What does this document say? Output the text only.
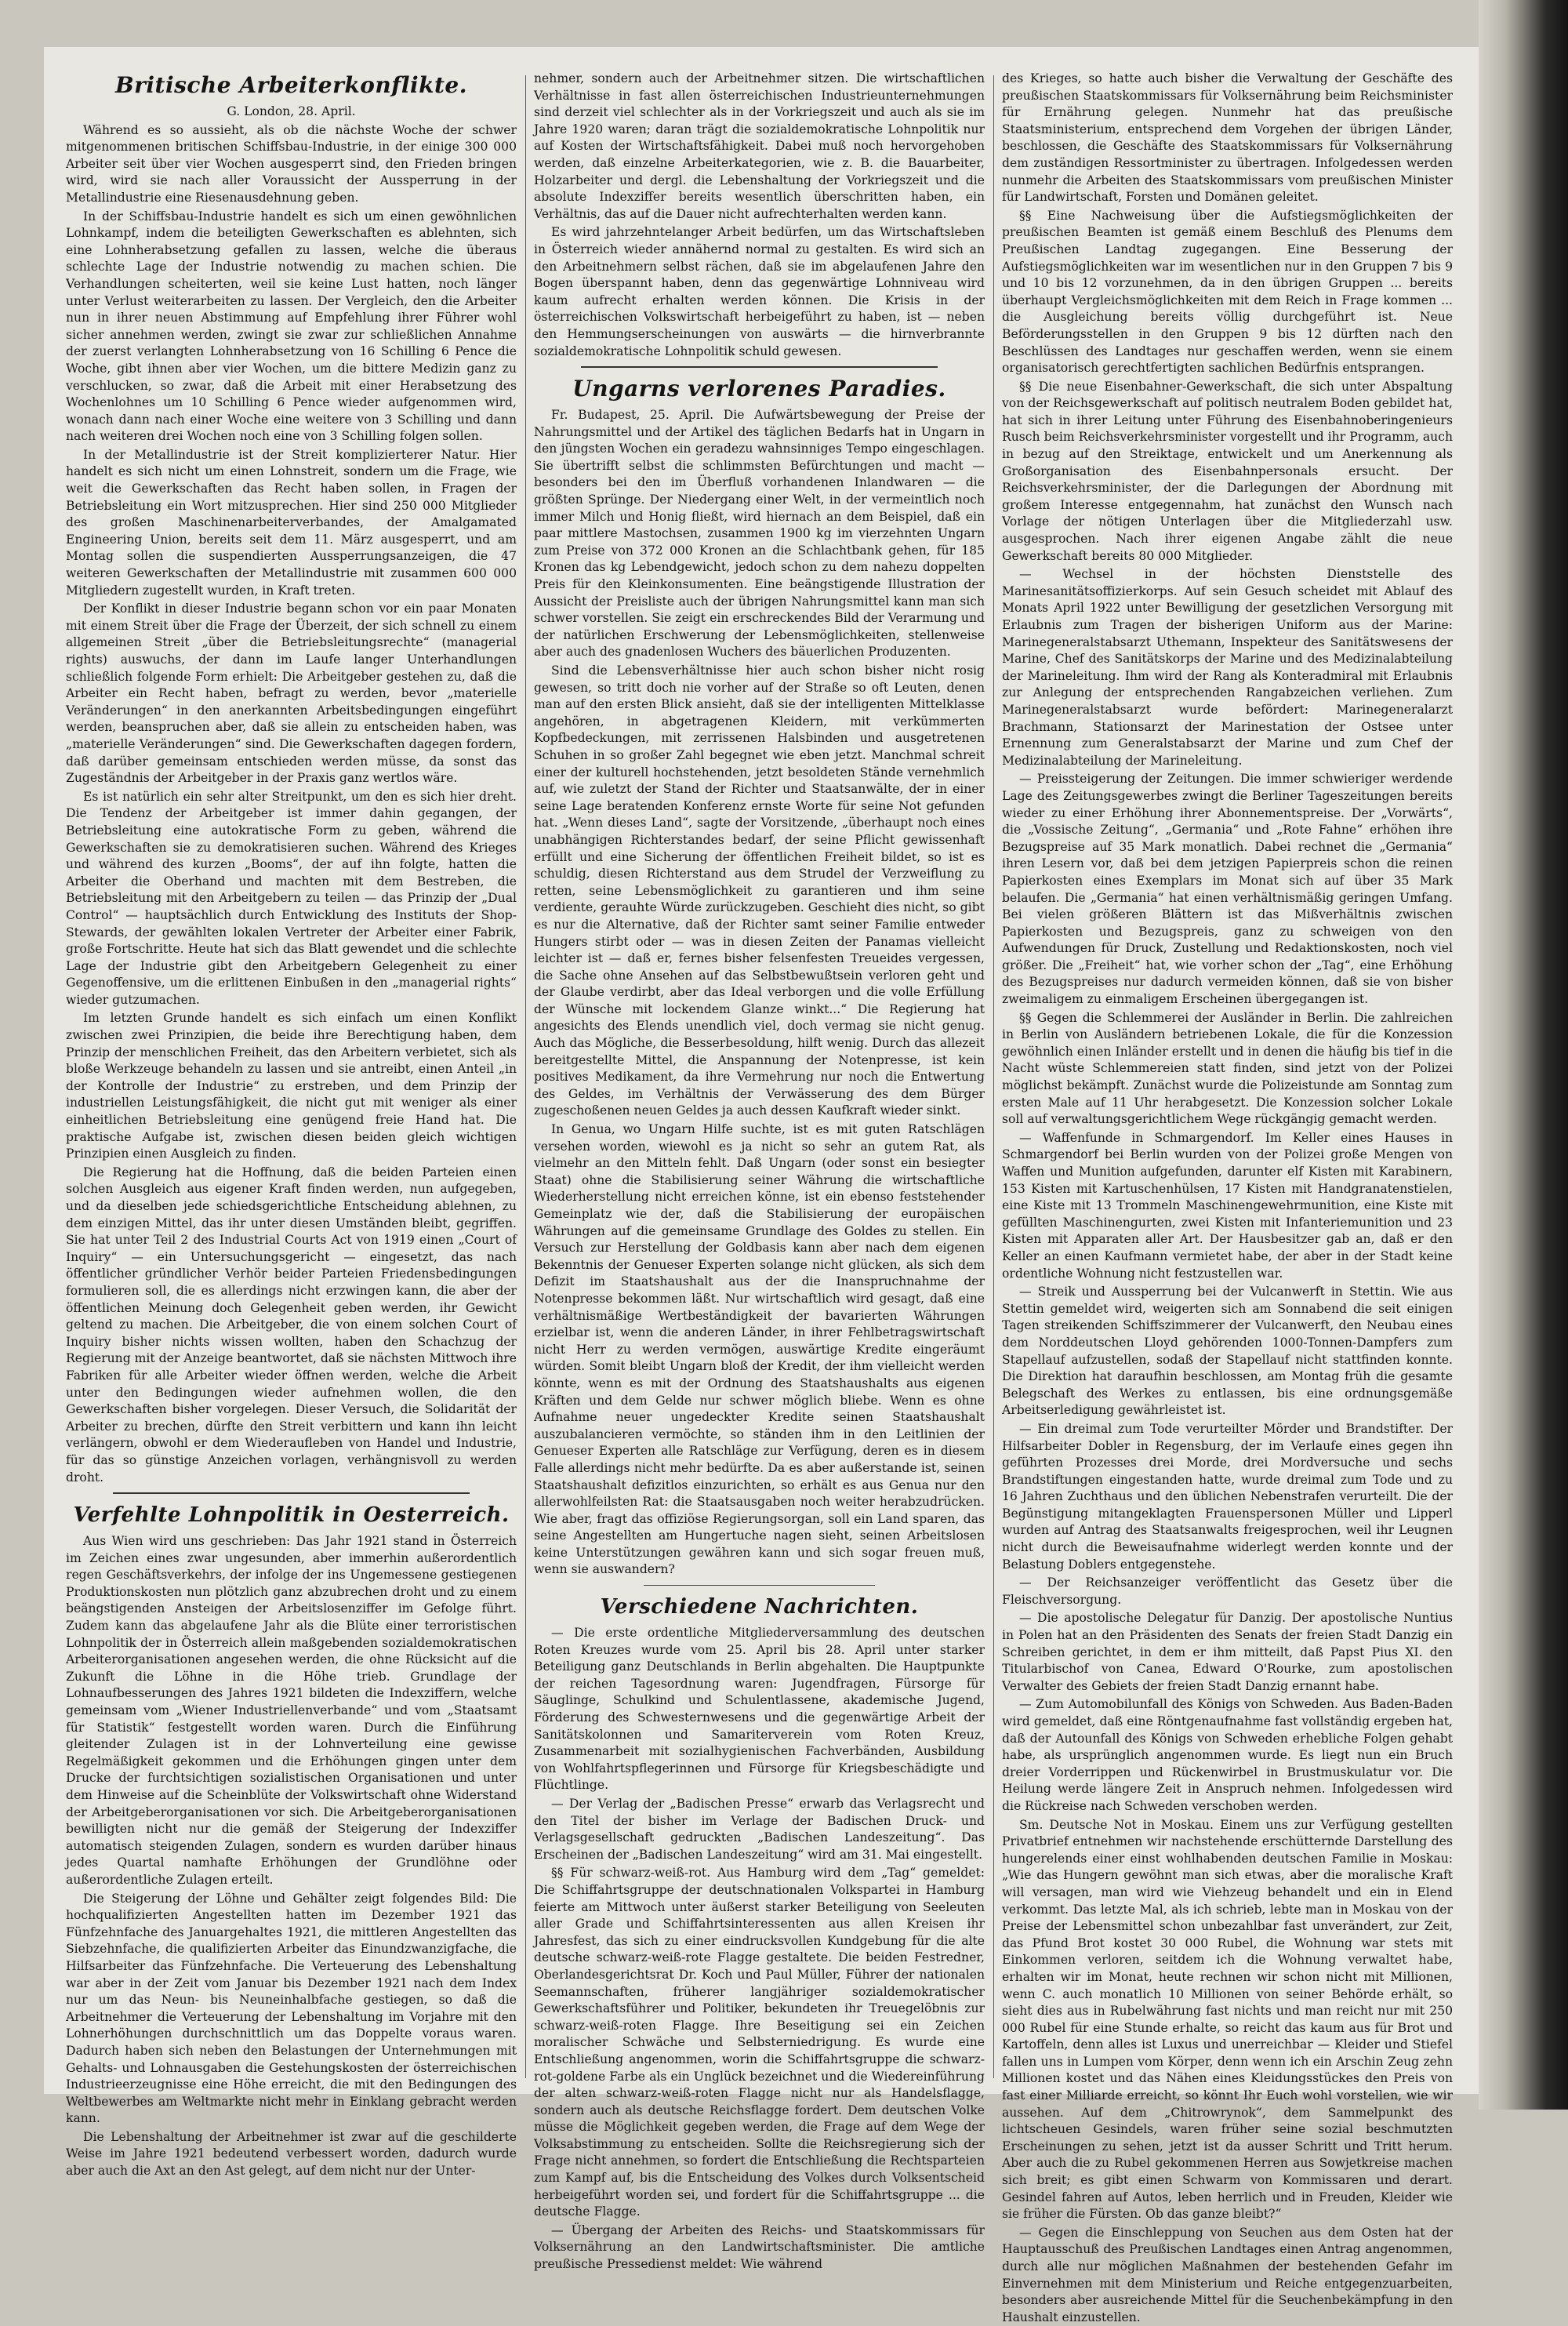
Britische Arbeiterkonflikte.
G. London, 28. April.

Während es so aussieht, als ob die nächste Woche der schwer mitgenommenen britischen Schiffsbau-Industrie, in der einige 300 000 Arbeiter seit über vier Wochen ausgesperrt sind, den Frieden bringen wird, wird sie nach aller Voraussicht der Aussperrung in der Metallindustrie eine Riesenausdehnung geben.

In der Schiffsbau-Industrie handelt es sich um einen gewöhnlichen Lohnkampf, indem die beteiligten Gewerkschaften es ablehnten, sich eine Lohnherabsetzung gefallen zu lassen, welche die überaus schlechte Lage der Industrie notwendig zu machen schien. Die Verhandlungen scheiterten, weil sie keine Lust hatten, noch länger unter Verlust weiterarbeiten zu lassen. Der Vergleich, den die Arbeiter nun in ihrer neuen Abstimmung auf Empfehlung ihrer Führer wohl sicher annehmen werden, zwingt sie zwar zur schließlichen Annahme der zuerst verlangten Lohnherabsetzung von 16 Schilling 6 Pence die Woche, gibt ihnen aber vier Wochen, um die bittere Medizin ganz zu verschlucken, so zwar, daß die Arbeit mit einer Herabsetzung des Wochenlohnes um 10 Schilling 6 Pence wieder aufgenommen wird, wonach dann nach einer Woche eine weitere von 3 Schilling und dann nach weiteren drei Wochen noch eine von 3 Schilling folgen sollen.

In der Metallindustrie ist der Streit komplizierterer Natur. Hier handelt es sich nicht um einen Lohnstreit, sondern um die Frage, wie weit die Gewerkschaften das Recht haben sollen, in Fragen der Betriebsleitung ein Wort mitzusprechen. Hier sind 250 000 Mitglieder des großen Maschinenarbeiterverbandes, der Amalgamated Engineering Union, bereits seit dem 11. März ausgesperrt, und am Montag sollen die suspendierten Aussperrungsanzeigen, die 47 weiteren Gewerkschaften der Metallindustrie mit zusammen 600 000 Mitgliedern zugestellt wurden, in Kraft treten.

Der Konflikt in dieser Industrie begann schon vor ein paar Monaten mit einem Streit über die Frage der Überzeit, der sich schnell zu einem allgemeinen Streit „über die Betriebsleitungsrechte“ (managerial rights) auswuchs, der dann im Laufe langer Unterhandlungen schließlich folgende Form erhielt: Die Arbeitgeber gestehen zu, daß die Arbeiter ein Recht haben, befragt zu werden, bevor „materielle Veränderungen“ in den anerkannten Arbeitsbedingungen eingeführt werden, beanspruchen aber, daß sie allein zu entscheiden haben, was „materielle Veränderungen“ sind. Die Gewerkschaften dagegen fordern, daß darüber gemeinsam entschieden werden müsse, da sonst das Zugeständnis der Arbeitgeber in der Praxis ganz wertlos wäre.

Es ist natürlich ein sehr alter Streitpunkt, um den es sich hier dreht. Die Tendenz der Arbeitgeber ist immer dahin gegangen, der Betriebsleitung eine autokratische Form zu geben, während die Gewerkschaften sie zu demokratisieren suchen. Während des Krieges und während des kurzen „Booms“, der auf ihn folgte, hatten die Arbeiter die Oberhand und machten mit dem Bestreben, die Betriebsleitung mit den Arbeitgebern zu teilen — das Prinzip der „Dual Control“ — hauptsächlich durch Entwicklung des Instituts der Shop-Stewards, der gewählten lokalen Vertreter der Arbeiter einer Fabrik, große Fortschritte. Heute hat sich das Blatt gewendet und die schlechte Lage der Industrie gibt den Arbeitgebern Gelegenheit zu einer Gegenoffensive, um die erlittenen Einbußen in den „managerial rights“ wieder gutzumachen.

Im letzten Grunde handelt es sich einfach um einen Konflikt zwischen zwei Prinzipien, die beide ihre Berechtigung haben, dem Prinzip der menschlichen Freiheit, das den Arbeitern verbietet, sich als bloße Werkzeuge behandeln zu lassen und sie antreibt, einen Anteil „in der Kontrolle der Industrie“ zu erstreben, und dem Prinzip der industriellen Leistungsfähigkeit, die nicht gut mit weniger als einer einheitlichen Betriebsleitung eine genügend freie Hand hat. Die praktische Aufgabe ist, zwischen diesen beiden gleich wichtigen Prinzipien einen Ausgleich zu finden.

Die Regierung hat die Hoffnung, daß die beiden Parteien einen solchen Ausgleich aus eigener Kraft finden werden, nun aufgegeben, und da dieselben jede schiedsgerichtliche Entscheidung ablehnen, zu dem einzigen Mittel, das ihr unter diesen Umständen bleibt, gegriffen. Sie hat unter Teil 2 des Industrial Courts Act von 1919 einen „Court of Inquiry“ — ein Untersuchungsgericht — eingesetzt, das nach öffentlicher gründlicher Verhör beider Parteien Friedensbedingungen formulieren soll, die es allerdings nicht erzwingen kann, die aber der öffentlichen Meinung doch Gelegenheit geben werden, ihr Gewicht geltend zu machen. Die Arbeitgeber, die von einem solchen Court of Inquiry bisher nichts wissen wollten, haben den Schachzug der Regierung mit der Anzeige beantwortet, daß sie nächsten Mittwoch ihre Fabriken für alle Arbeiter wieder öffnen werden, welche die Arbeit unter den Bedingungen wieder aufnehmen wollen, die den Gewerkschaften bisher vorgelegen. Dieser Versuch, die Solidarität der Arbeiter zu brechen, dürfte den Streit verbittern und kann ihn leicht verlängern, obwohl er dem Wiederaufleben von Handel und Industrie, für das so günstige Anzeichen vorlagen, verhängnisvoll zu werden droht.

Verfehlte Lohnpolitik in Oesterreich.

Aus Wien wird uns geschrieben: Das Jahr 1921 stand in Österreich im Zeichen eines zwar ungesunden, aber immerhin außerordentlich regen Geschäftsverkehrs, der infolge der ins Ungemessene gestiegenen Produktionskosten nun plötzlich ganz abzubrechen droht und zu einem beängstigenden Ansteigen der Arbeitslosenziffer im Gefolge führt. Zudem kann das abgelaufene Jahr als die Blüte einer terroristischen Lohnpolitik der in Österreich allein maßgebenden sozialdemokratischen Arbeiterorganisationen angesehen werden, die ohne Rücksicht auf die Zukunft die Löhne in die Höhe trieb. Grundlage der Lohnaufbesserungen des Jahres 1921 bildeten die Indexziffern, welche gemeinsam vom „Wiener Industriellenverbande“ und vom „Staatsamt für Statistik“ festgestellt worden waren. Durch die Einführung gleitender Zulagen ist in der Lohnverteilung eine gewisse Regelmäßigkeit gekommen und die Erhöhungen gingen unter dem Drucke der furchtsichtigen sozialistischen Organisationen und unter dem Hinweise auf die Scheinblüte der Volkswirtschaft ohne Widerstand der Arbeitgeberorganisationen vor sich. Die Arbeitgeberorganisationen bewilligten nicht nur die gemäß der Steigerung der Indexziffer automatisch steigenden Zulagen, sondern es wurden darüber hinaus jedes Quartal namhafte Erhöhungen der Grundlöhne oder außerordentliche Zulagen erteilt.

Die Steigerung der Löhne und Gehälter zeigt folgendes Bild: Die hochqualifizierten Angestellten hatten im Dezember 1921 das Fünfzehnfache des Januargehaltes 1921, die mittleren Angestellten das Siebzehnfache, die qualifizierten Arbeiter das Einundzwanzigfache, die Hilfsarbeiter das Fünfzehnfache. Die Verteuerung des Lebenshaltung war aber in der Zeit vom Januar bis Dezember 1921 nach dem Index nur um das Neun- bis Neuneinhalbfache gestiegen, so daß die Arbeitnehmer die Verteuerung der Lebenshaltung im Vorjahre mit den Lohnerhöhungen durchschnittlich um das Doppelte voraus waren. Dadurch haben sich neben den Belastungen der Unternehmungen mit Gehalts- und Lohnausgaben die Gestehungskosten der österreichischen Industrieerzeugnisse eine Höhe erreicht, die mit den Bedingungen des Weltbewerbes am Weltmarkte nicht mehr in Einklang gebracht werden kann.

Die Lebenshaltung der Arbeitnehmer ist zwar auf die geschilderte Weise im Jahre 1921 bedeutend verbessert worden, dadurch wurde aber auch die Axt an den Ast gelegt, auf dem nicht nur der Unter-

nehmer, sondern auch der Arbeitnehmer sitzen. Die wirtschaftlichen Verhältnisse in fast allen österreichischen Industrieunternehmungen sind derzeit viel schlechter als in der Vorkriegszeit und auch als sie im Jahre 1920 waren; daran trägt die sozialdemokratische Lohnpolitik nur auf Kosten der Wirtschaftsfähigkeit. Dabei muß noch hervorgehoben werden, daß einzelne Arbeiterkategorien, wie z. B. die Bauarbeiter, Holzarbeiter und dergl. die Lebenshaltung der Vorkriegszeit und die absolute Indexziffer bereits wesentlich überschritten haben, ein Verhältnis, das auf die Dauer nicht aufrechterhalten werden kann.

Es wird jahrzehntelanger Arbeit bedürfen, um das Wirtschaftsleben in Österreich wieder annähernd normal zu gestalten. Es wird sich an den Arbeitnehmern selbst rächen, daß sie im abgelaufenen Jahre den Bogen überspannt haben, denn das gegenwärtige Lohnniveau wird kaum aufrecht erhalten werden können. Die Krisis in der österreichischen Volkswirtschaft herbeigeführt zu haben, ist — neben den Hemmungserscheinungen von auswärts — die hirnverbrannte sozialdemokratische Lohnpolitik schuld gewesen.

Ungarns verlorenes Paradies.

Fr. Budapest, 25. April. Die Aufwärtsbewegung der Preise der Nahrungsmittel und der Artikel des täglichen Bedarfs hat in Ungarn in den jüngsten Wochen ein geradezu wahnsinniges Tempo eingeschlagen. Sie übertrifft selbst die schlimmsten Befürchtungen und macht — besonders bei den im Überfluß vorhandenen Inlandwaren — die größten Sprünge. Der Niedergang einer Welt, in der vermeintlich noch immer Milch und Honig fließt, wird hiernach an dem Beispiel, daß ein paar mittlere Mastochsen, zusammen 1900 kg im vierzehnten Ungarn zum Preise von 372 000 Kronen an die Schlachtbank gehen, für 185 Kronen das kg Lebendgewicht, jedoch schon zu dem nahezu doppelten Preis für den Kleinkonsumenten. Eine beängstigende Illustration der Aussicht der Preisliste auch der übrigen Nahrungsmittel kann man sich schwer vorstellen. Sie zeigt ein erschreckendes Bild der Verarmung und der natürlichen Erschwerung der Lebensmöglichkeiten, stellenweise aber auch des gnadenlosen Wuchers des bäuerlichen Produzenten.

Sind die Lebensverhältnisse hier auch schon bisher nicht rosig gewesen, so tritt doch nie vorher auf der Straße so oft Leuten, denen man auf den ersten Blick ansieht, daß sie der intelligenten Mittelklasse angehören, in abgetragenen Kleidern, mit verkümmerten Kopfbedeckungen, mit zerrissenen Halsbinden und ausgetretenen Schuhen in so großer Zahl begegnet wie eben jetzt. Manchmal schreit einer der kulturell hochstehenden, jetzt besoldeten Stände vernehmlich auf, wie zuletzt der Stand der Richter und Staatsanwälte, der in einer seine Lage beratenden Konferenz ernste Worte für seine Not gefunden hat. „Wenn dieses Land“, sagte der Vorsitzende, „überhaupt noch eines unabhängigen Richterstandes bedarf, der seine Pflicht gewissenhaft erfüllt und eine Sicherung der öffentlichen Freiheit bildet, so ist es schuldig, diesen Richterstand aus dem Strudel der Verzweiflung zu retten, seine Lebensmöglichkeit zu garantieren und ihm seine verdiente, gerauhte Würde zurückzugeben. Geschieht dies nicht, so gibt es nur die Alternative, daß der Richter samt seiner Familie entweder Hungers stirbt oder — was in diesen Zeiten der Panamas vielleicht leichter ist — daß er, fernes bisher felsenfesten Treueides vergessen, die Sache ohne Ansehen auf das Selbstbewußtsein verloren geht und der Glaube verdirbt, aber das Ideal verborgen und die volle Erfüllung der Wünsche mit lockendem Glanze winkt...“ Die Regierung hat angesichts des Elends unendlich viel, doch vermag sie nicht genug. Auch das Mögliche, die Besserbesoldung, hilft wenig. Durch das allezeit bereitgestellte Mittel, die Anspannung der Notenpresse, ist kein positives Medikament, da ihre Vermehrung nur noch die Entwertung des Geldes, im Verhältnis der Verwässerung des dem Bürger zugeschoßenen neuen Geldes ja auch dessen Kaufkraft wieder sinkt.

In Genua, wo Ungarn Hilfe suchte, ist es mit guten Ratschlägen versehen worden, wiewohl es ja nicht so sehr an gutem Rat, als vielmehr an den Mitteln fehlt. Daß Ungarn (oder sonst ein besiegter Staat) ohne die Stabilisierung seiner Währung die wirtschaftliche Wiederherstellung nicht erreichen könne, ist ein ebenso feststehender Gemeinplatz wie der, daß die Stabilisierung der europäischen Währungen auf die gemeinsame Grundlage des Goldes zu stellen. Ein Versuch zur Herstellung der Goldbasis kann aber nach dem eigenen Bekenntnis der Genueser Experten solange nicht glücken, als sich dem Defizit im Staatshaushalt aus der die Inanspruchnahme der Notenpresse bekommen läßt. Nur wirtschaftlich wird gesagt, daß eine verhältnismäßige Wertbeständigkeit der bavarierten Währungen erzielbar ist, wenn die anderen Länder, in ihrer Fehlbetragswirtschaft nicht Herr zu werden vermögen, auswärtige Kredite eingeräumt würden. Somit bleibt Ungarn bloß der Kredit, der ihm vielleicht werden könnte, wenn es mit der Ordnung des Staatshaushalts aus eigenen Kräften und dem Gelde nur schwer möglich bliebe. Wenn es ohne Aufnahme neuer ungedeckter Kredite seinen Staatshaushalt auszubalancieren vermöchte, so ständen ihm in den Leitlinien der Genueser Experten alle Ratschläge zur Verfügung, deren es in diesem Falle allerdings nicht mehr bedürfte. Da es aber außerstande ist, seinen Staatshaushalt defizitlos einzurichten, so erhält es aus Genua nur den allerwohlfeilsten Rat: die Staatsausgaben noch weiter herabzudrücken. Wie aber, fragt das offiziöse Regierungsorgan, soll ein Land sparen, das seine Angestellten am Hungertuche nagen sieht, seinen Arbeitslosen keine Unterstützungen gewähren kann und sich sogar freuen muß, wenn sie auswandern?

Verschiedene Nachrichten.

— Die erste ordentliche Mitgliederversammlung des deutschen Roten Kreuzes wurde vom 25. April bis 28. April unter starker Beteiligung ganz Deutschlands in Berlin abgehalten. Die Hauptpunkte der reichen Tagesordnung waren: Jugendfragen, Fürsorge für Säuglinge, Schulkind und Schulentlassene, akademische Jugend, Förderung des Schwesternwesens und die gegenwärtige Arbeit der Sanitätskolonnen und Samariterverein vom Roten Kreuz, Zusammenarbeit mit sozialhygienischen Fachverbänden, Ausbildung von Wohlfahrtspflegerinnen und Fürsorge für Kriegsbeschädigte und Flüchtlinge.

— Der Verlag der „Badischen Presse“ erwarb das Verlagsrecht und den Titel der bisher im Verlage der Badischen Druck- und Verlagsgesellschaft gedruckten „Badischen Landeszeitung“. Das Erscheinen der „Badischen Landeszeitung“ wird am 31. Mai eingestellt.

§§ Für schwarz-weiß-rot. Aus Hamburg wird dem „Tag“ gemeldet: Die Schiffahrtsgruppe der deutschnationalen Volkspartei in Hamburg feierte am Mittwoch unter äußerst starker Beteiligung von Seeleuten aller Grade und Schiffahrtsinteressenten aus allen Kreisen ihr Jahresfest, das sich zu einer eindrucksvollen Kundgebung für die alte deutsche schwarz-weiß-rote Flagge gestaltete. Die beiden Festredner, Oberlandesgerichtsrat Dr. Koch und Paul Müller, Führer der nationalen Seemannschaften, früherer langjähriger sozialdemokratischer Gewerkschaftsführer und Politiker, bekundeten ihr Treuegelöbnis zur schwarz-weiß-roten Flagge. Ihre Beseitigung sei ein Zeichen moralischer Schwäche und Selbsterniedrigung. Es wurde eine Entschließung angenommen, worin die Schiffahrtsgruppe die schwarz-rot-goldene Farbe als ein Unglück bezeichnet und die Wiedereinführung der alten schwarz-weiß-roten Flagge nicht nur als Handelsflagge, sondern auch als deutsche Reichsflagge fordert. Dem deutschen Volke müsse die Möglichkeit gegeben werden, die Frage auf dem Wege der Volksabstimmung zu entscheiden. Sollte die Reichsregierung sich der Frage nicht annehmen, so fordert die Entschließung die Rechtsparteien zum Kampf auf, bis die Entscheidung des Volkes durch Volksentscheid herbeigeführt worden sei, und fordert für die Schiffahrtsgruppe ... die deutsche Flagge.

— Übergang der Arbeiten des Reichs- und Staatskommissars für Volksernährung an den Landwirtschaftsminister. Die amtliche preußische Pressedienst meldet: Wie während

des Krieges, so hatte auch bisher die Verwaltung der Geschäfte des preußischen Staatskommissars für Volksernährung beim Reichsminister für Ernährung gelegen. Nunmehr hat das preußische Staatsministerium, entsprechend dem Vorgehen der übrigen Länder, beschlossen, die Geschäfte des Staatskommissars für Volksernährung dem zuständigen Ressortminister zu übertragen. Infolgedessen werden nunmehr die Arbeiten des Staatskommissars vom preußischen Minister für Landwirtschaft, Forsten und Domänen geleitet.

§§ Eine Nachweisung über die Aufstiegsmöglichkeiten der preußischen Beamten ist gemäß einem Beschluß des Plenums dem Preußischen Landtag zugegangen. Eine Besserung der Aufstiegsmöglichkeiten war im wesentlichen nur in den Gruppen 7 bis 9 und 10 bis 12 vorzunehmen, da in den übrigen Gruppen ... bereits überhaupt Vergleichsmöglichkeiten mit dem Reich in Frage kommen ... die Ausgleichung bereits völlig durchgeführt ist. Neue Beförderungsstellen in den Gruppen 9 bis 12 dürften nach den Beschlüssen des Landtages nur geschaffen werden, wenn sie einem organisatorisch gerechtfertigten sachlichen Bedürfnis entsprangen.

§§ Die neue Eisenbahner-Gewerkschaft, die sich unter Abspaltung von der Reichsgewerkschaft auf politisch neutralem Boden gebildet hat, hat sich in ihrer Leitung unter Führung des Eisenbahnoberingenieurs Rusch beim Reichsverkehrsminister vorgestellt und ihr Programm, auch in bezug auf den Streiktage, entwickelt und um Anerkennung als Großorganisation des Eisenbahnpersonals ersucht. Der Reichsverkehrsminister, der die Darlegungen der Abordnung mit großem Interesse entgegennahm, hat zunächst den Wunsch nach Vorlage der nötigen Unterlagen über die Mitgliederzahl usw. ausgesprochen. Nach ihrer eigenen Angabe zählt die neue Gewerkschaft bereits 80 000 Mitglieder.

— Wechsel in der höchsten Dienststelle des Marinesanitätsoffizierkorps. Auf sein Gesuch scheidet mit Ablauf des Monats April 1922 unter Bewilligung der gesetzlichen Versorgung mit Erlaubnis zum Tragen der bisherigen Uniform aus der Marine: Marinegeneralstabsarzt Uthemann, Inspekteur des Sanitätswesens der Marine, Chef des Sanitätskorps der Marine und des Medizinalabteilung der Marineleitung. Ihm wird der Rang als Konteradmiral mit Erlaubnis zur Anlegung der entsprechenden Rangabzeichen verliehen. Zum Marinegeneralstabsarzt wurde befördert: Marinegeneralarzt Brachmann, Stationsarzt der Marinestation der Ostsee unter Ernennung zum Generalstabsarzt der Marine und zum Chef der Medizinalabteilung der Marineleitung.

— Preissteigerung der Zeitungen. Die immer schwieriger werdende Lage des Zeitungsgewerbes zwingt die Berliner Tageszeitungen bereits wieder zu einer Erhöhung ihrer Abonnementspreise. Der „Vorwärts“, die „Vossische Zeitung“, „Germania“ und „Rote Fahne“ erhöhen ihre Bezugspreise auf 35 Mark monatlich. Dabei rechnet die „Germania“ ihren Lesern vor, daß bei dem jetzigen Papierpreis schon die reinen Papierkosten eines Exemplars im Monat sich auf über 35 Mark belaufen. Die „Germania“ hat einen verhältnismäßig geringen Umfang. Bei vielen größeren Blättern ist das Mißverhältnis zwischen Papierkosten und Bezugspreis, ganz zu schweigen von den Aufwendungen für Druck, Zustellung und Redaktionskosten, noch viel größer. Die „Freiheit“ hat, wie vorher schon der „Tag“, eine Erhöhung des Bezugspreises nur dadurch vermeiden können, daß sie von bisher zweimaligem zu einmaligem Erscheinen übergegangen ist.

§§ Gegen die Schlemmerei der Ausländer in Berlin. Die zahlreichen in Berlin von Ausländern betriebenen Lokale, die für die Konzession gewöhnlich einen Inländer erstellt und in denen die häufig bis tief in die Nacht wüste Schlemmereien statt finden, sind jetzt von der Polizei möglichst bekämpft. Zunächst wurde die Polizeistunde am Sonntag zum ersten Male auf 11 Uhr herabgesetzt. Die Konzession solcher Lokale soll auf verwaltungsgerichtlichem Wege rückgängig gemacht werden.

— Waffenfunde in Schmargendorf. Im Keller eines Hauses in Schmargendorf bei Berlin wurden von der Polizei große Mengen von Waffen und Munition aufgefunden, darunter elf Kisten mit Karabinern, 153 Kisten mit Kartuschenhülsen, 17 Kisten mit Handgranatenstielen, eine Kiste mit 13 Trommeln Maschinengewehrmunition, eine Kiste mit gefüllten Maschinengurten, zwei Kisten mit Infanteriemunition und 23 Kisten mit Apparaten aller Art. Der Hausbesitzer gab an, daß er den Keller an einen Kaufmann vermietet habe, der aber in der Stadt keine ordentliche Wohnung nicht festzustellen war.

— Streik und Aussperrung bei der Vulcanwerft in Stettin. Wie aus Stettin gemeldet wird, weigerten sich am Sonnabend die seit einigen Tagen streikenden Schiffszimmerer der Vulcanwerft, den Neubau eines dem Norddeutschen Lloyd gehörenden 1000-Tonnen-Dampfers zum Stapellauf aufzustellen, sodaß der Stapellauf nicht stattfinden konnte. Die Direktion hat daraufhin beschlossen, am Montag früh die gesamte Belegschaft des Werkes zu entlassen, bis eine ordnungsgemäße Arbeitserledigung gewährleistet ist.

— Ein dreimal zum Tode verurteilter Mörder und Brandstifter. Der Hilfsarbeiter Dobler in Regensburg, der im Verlaufe eines gegen ihn geführten Prozesses drei Morde, drei Mordversuche und sechs Brandstiftungen eingestanden hatte, wurde dreimal zum Tode und zu 16 Jahren Zuchthaus und den üblichen Nebenstrafen verurteilt. Die der Begünstigung mitangeklagten Frauenspersonen Müller und Lipperl wurden auf Antrag des Staatsanwalts freigesprochen, weil ihr Leugnen nicht durch die Beweisaufnahme widerlegt werden konnte und der Belastung Doblers entgegenstehe.

— Der Reichsanzeiger veröffentlicht das Gesetz über die Fleischversorgung.

— Die apostolische Delegatur für Danzig. Der apostolische Nuntius in Polen hat an den Präsidenten des Senats der freien Stadt Danzig ein Schreiben gerichtet, in dem er ihm mitteilt, daß Papst Pius XI. den Titularbischof von Canea, Edward O'Rourke, zum apostolischen Verwalter des Gebiets der freien Stadt Danzig ernannt habe.

— Zum Automobilunfall des Königs von Schweden. Aus Baden-Baden wird gemeldet, daß eine Röntgenaufnahme fast vollständig ergeben hat, daß der Autounfall des Königs von Schweden erhebliche Folgen gehabt habe, als ursprünglich angenommen wurde. Es liegt nun ein Bruch dreier Vorderrippen und Rückenwirbel in Brustmuskulatur vor. Die Heilung werde längere Zeit in Anspruch nehmen. Infolgedessen wird die Rückreise nach Schweden verschoben werden.

Sm. Deutsche Not in Moskau. Einem uns zur Verfügung gestellten Privatbrief entnehmen wir nachstehende erschütternde Darstellung des hungerelends einer einst wohlhabenden deutschen Familie in Moskau: „Wie das Hungern gewöhnt man sich etwas, aber die moralische Kraft will versagen, man wird wie Viehzeug behandelt und ein in Elend verkommt. Das letzte Mal, als ich schrieb, lebte man in Moskau von der Preise der Lebensmittel schon unbezahlbar fast unverändert, zur Zeit, das Pfund Brot kostet 30 000 Rubel, die Wohnung war stets mit Einkommen verloren, seitdem ich die Wohnung verwaltet habe, erhalten wir im Monat, heute rechnen wir schon nicht mit Millionen, wenn C. auch monatlich 10 Millionen von seiner Behörde erhält, so sieht dies aus in Rubelwährung fast nichts und man reicht nur mit 250 000 Rubel für eine Stunde erhalte, so reicht das kaum aus für Brot und Kartoffeln, denn alles ist Luxus und unerreichbar — Kleider und Stiefel fallen uns in Lumpen vom Körper, denn wenn ich ein Arschin Zeug zehn Millionen kostet und das Nähen eines Kleidungsstückes den Preis von fast einer Milliarde erreicht, so könnt Ihr Euch wohl vorstellen, wie wir aussehen. Auf dem „Chitrowrynok“, dem Sammelpunkt des lichtscheuen Gesindels, waren früher seine sozial beschmutzten Erscheinungen zu sehen, jetzt ist da ausser Schritt und Tritt herum. Aber auch die zu Rubel gekommenen Herren aus Sowjetkreise machen sich breit; es gibt einen Schwarm von Kommissaren und derart. Gesindel fahren auf Autos, leben herrlich und in Freuden, Kleider wie sie früher die Fürsten. Ob das ganze bleibt?“

— Gegen die Einschleppung von Seuchen aus dem Osten hat der Hauptausschuß des Preußischen Landtages einen Antrag angenommen, durch alle nur möglichen Maßnahmen der bestehenden Gefahr im Einvernehmen mit dem Ministerium und Reiche entgegenzuarbeiten, besonders aber ausreichende Mittel für die Seuchenbekämpfung in den Haushalt einzustellen.
